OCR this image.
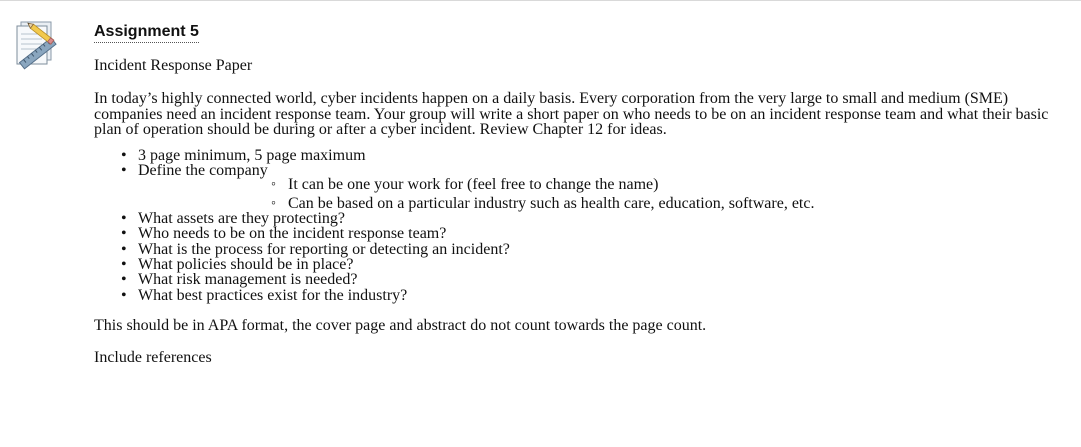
Assignment 5

Incident Response Paper

In today’s highly connected world, cyber incidents happen on a daily basis. Every corporation from the very large to small and medium (SME) companies need an incident response team. Your group will write a short paper on who needs to be on an incident response team and what their basic plan of operation should be during or after a cyber incident. Review Chapter 12 for ideas.

• 3 page minimum, 5 page maximum
• Define the company
◦ It can be one your work for (feel free to change the name)
◦ Can be based on a particular industry such as health care, education, software, etc.
• What assets are they protecting?
• Who needs to be on the incident response team?
• What is the process for reporting or detecting an incident?
• What policies should be in place?
• What risk management is needed?
• What best practices exist for the industry?

This should be in APA format, the cover page and abstract do not count towards the page count.

Include references
